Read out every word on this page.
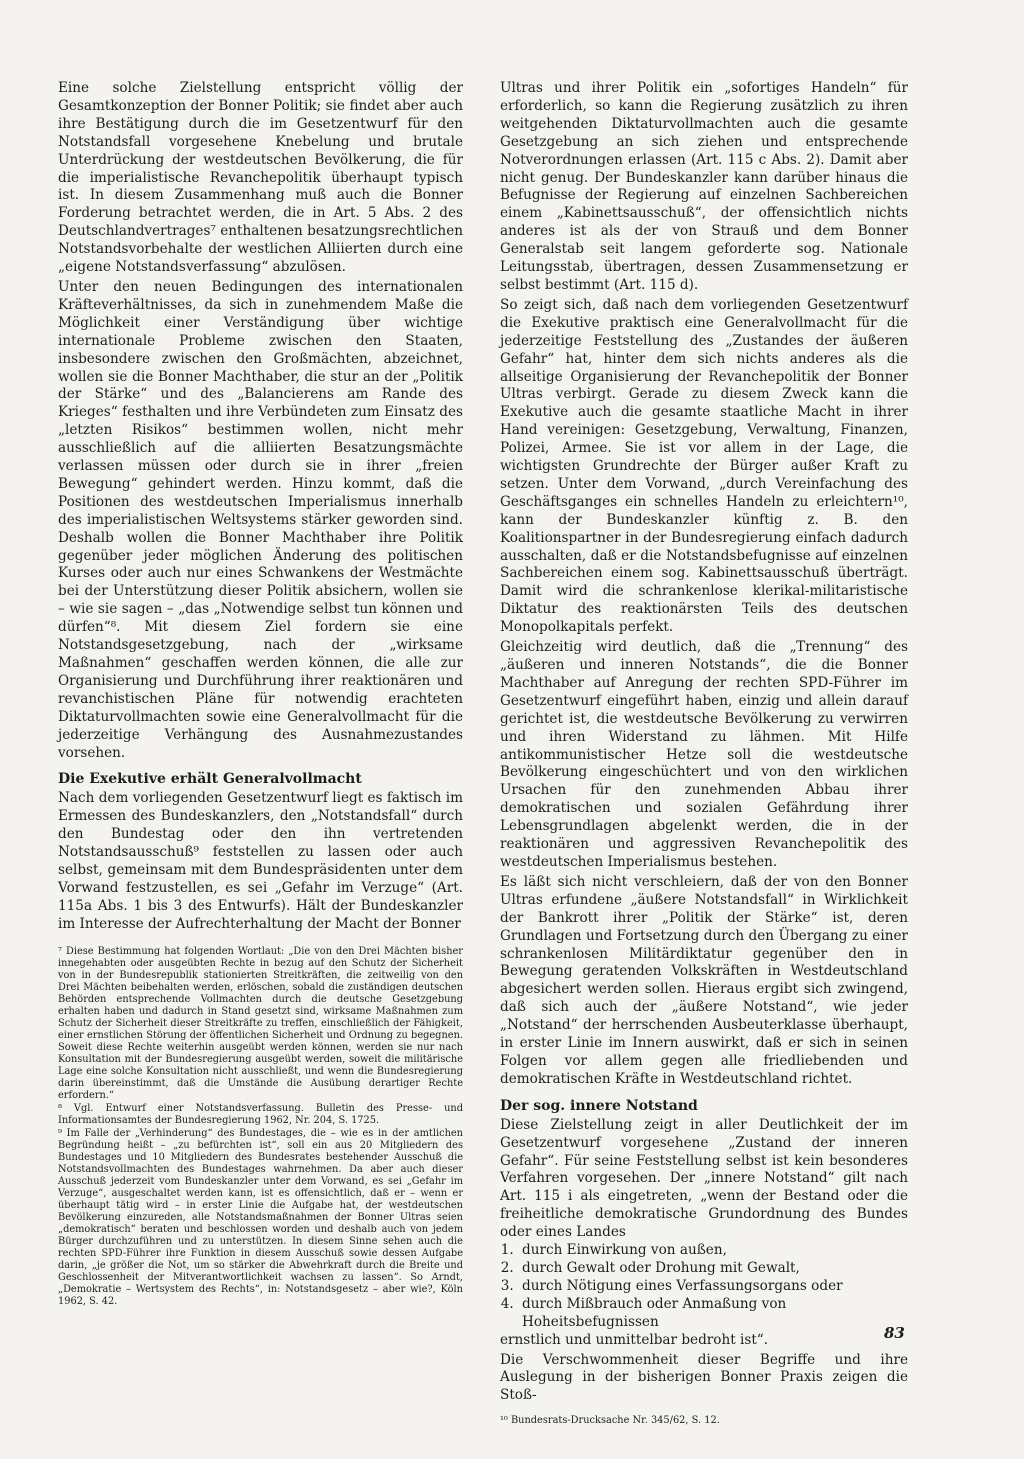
Eine solche Zielstellung entspricht völlig der Gesamtkonzeption der Bonner Politik; sie findet aber auch ihre Bestätigung durch die im Gesetzentwurf für den Notstandsfall vorgesehene Knebelung und brutale Unterdrückung der westdeutschen Bevölkerung, die für die imperialistische Revanchepolitik überhaupt typisch ist. In diesem Zusammenhang muß auch die Bonner Forderung betrachtet werden, die in Art. 5 Abs. 2 des Deutschlandvertrages⁷ enthaltenen besatzungsrechtlichen Notstandsvorbehalte der westlichen Alliierten durch eine „eigene Notstandsverfassung“ abzulösen.

Unter den neuen Bedingungen des internationalen Kräfteverhältnisses, da sich in zunehmendem Maße die Möglichkeit einer Verständigung über wichtige internationale Probleme zwischen den Staaten, insbesondere zwischen den Großmächten, abzeichnet, wollen sie die Bonner Machthaber, die stur an der „Politik der Stärke“ und des „Balancierens am Rande des Krieges“ festhalten und ihre Verbündeten zum Einsatz des „letzten Risikos“ bestimmen wollen, nicht mehr ausschließlich auf die alliierten Besatzungsmächte verlassen müssen oder durch sie in ihrer „freien Bewegung“ gehindert werden. Hinzu kommt, daß die Positionen des westdeutschen Imperialismus innerhalb des imperialistischen Weltsystems stärker geworden sind. Deshalb wollen die Bonner Machthaber ihre Politik gegenüber jeder möglichen Änderung des politischen Kurses oder auch nur eines Schwankens der Westmächte bei der Unterstützung dieser Politik absichern, wollen sie – wie sie sagen – „das „Notwendige selbst tun können und dürfen“⁸. Mit diesem Ziel fordern sie eine Notstandsgesetzgebung, nach der „wirksame Maßnahmen“ geschaffen werden können, die alle zur Organisierung und Durchführung ihrer reaktionären und revanchistischen Pläne für notwendig erachteten Diktaturvollmachten sowie eine Generalvollmacht für die jederzeitige Verhängung des Ausnahmezustandes vorsehen.

Die Exekutive erhält Generalvollmacht

Nach dem vorliegenden Gesetzentwurf liegt es faktisch im Ermessen des Bundeskanzlers, den „Notstandsfall“ durch den Bundestag oder den ihn vertretenden Notstandsausschuß⁹ feststellen zu lassen oder auch selbst, gemeinsam mit dem Bundespräsidenten unter dem Vorwand festzustellen, es sei „Gefahr im Verzuge“ (Art. 115a Abs. 1 bis 3 des Entwurfs). Hält der Bundeskanzler im Interesse der Aufrechterhaltung der Macht der Bonner

⁷ Diese Bestimmung hat folgenden Wortlaut: „Die von den Drei Mächten bisher innegehabten oder ausgeübten Rechte in bezug auf den Schutz der Sicherheit von in der Bundesrepublik stationierten Streitkräften, die zeitweilig von den Drei Mächten beibehalten werden, erlöschen, sobald die zuständigen deutschen Behörden entsprechende Vollmachten durch die deutsche Gesetzgebung erhalten haben und dadurch in Stand gesetzt sind, wirksame Maßnahmen zum Schutz der Sicherheit dieser Streitkräfte zu treffen, einschließlich der Fähigkeit, einer ernstlichen Störung der öffentlichen Sicherheit und Ordnung zu begegnen. Soweit diese Rechte weiterhin ausgeübt werden können, werden sie nur nach Konsultation mit der Bundesregierung ausgeübt werden, soweit die militärische Lage eine solche Konsultation nicht ausschließt, und wenn die Bundesregierung darin übereinstimmt, daß die Umstände die Ausübung derartiger Rechte erfordern.“

⁸ Vgl. Entwurf einer Notstandsverfassung. Bulletin des Presse- und Informationsamtes der Bundesregierung 1962, Nr. 204, S. 1725.

⁹ Im Falle der „Verhinderung“ des Bundestages, die – wie es in der amtlichen Begründung heißt – „zu befürchten ist“, soll ein aus 20 Mitgliedern des Bundestages und 10 Mitgliedern des Bundesrates bestehender Ausschuß die Notstandsvollmachten des Bundestages wahrnehmen. Da aber auch dieser Ausschuß jederzeit vom Bundeskanzler unter dem Vorwand, es sei „Gefahr im Verzuge“, ausgeschaltet werden kann, ist es offensichtlich, daß er – wenn er überhaupt tätig wird – in erster Linie die Aufgabe hat, der westdeutschen Bevölkerung einzureden, alle Notstandsmaßnahmen der Bonner Ultras seien „demokratisch“ beraten und beschlossen worden und deshalb auch von jedem Bürger durchzuführen und zu unterstützen. In diesem Sinne sehen auch die rechten SPD-Führer ihre Funktion in diesem Ausschuß sowie dessen Aufgabe darin, „je größer die Not, um so stärker die Abwehrkraft durch die Breite und Geschlossenheit der Mitverantwortlichkeit wachsen zu lassen“. So Arndt, „Demokratie – Wertsystem des Rechts“, in: Notstandsgesetz – aber wie?, Köln 1962, S. 42.

Ultras und ihrer Politik ein „sofortiges Handeln“ für erforderlich, so kann die Regierung zusätzlich zu ihren weitgehenden Diktaturvollmachten auch die gesamte Gesetzgebung an sich ziehen und entsprechende Notverordnungen erlassen (Art. 115 c Abs. 2). Damit aber nicht genug. Der Bundeskanzler kann darüber hinaus die Befugnisse der Regierung auf einzelnen Sachbereichen einem „Kabinettsausschuß“, der offensichtlich nichts anderes ist als der von Strauß und dem Bonner Generalstab seit langem geforderte sog. Nationale Leitungsstab, übertragen, dessen Zusammensetzung er selbst bestimmt (Art. 115 d).

So zeigt sich, daß nach dem vorliegenden Gesetzentwurf die Exekutive praktisch eine Generalvollmacht für die jederzeitige Feststellung des „Zustandes der äußeren Gefahr“ hat, hinter dem sich nichts anderes als die allseitige Organisierung der Revanchepolitik der Bonner Ultras verbirgt. Gerade zu diesem Zweck kann die Exekutive auch die gesamte staatliche Macht in ihrer Hand vereinigen: Gesetzgebung, Verwaltung, Finanzen, Polizei, Armee. Sie ist vor allem in der Lage, die wichtigsten Grundrechte der Bürger außer Kraft zu setzen. Unter dem Vorwand, „durch Vereinfachung des Geschäftsganges ein schnelles Handeln zu erleichtern¹⁰, kann der Bundeskanzler künftig z. B. den Koalitionspartner in der Bundesregierung einfach dadurch ausschalten, daß er die Notstandsbefugnisse auf einzelnen Sachbereichen einem sog. Kabinettsausschuß überträgt. Damit wird die schrankenlose klerikal-militaristische Diktatur des reaktionärsten Teils des deutschen Monopolkapitals perfekt.

Gleichzeitig wird deutlich, daß die „Trennung“ des „äußeren und inneren Notstands“, die die Bonner Machthaber auf Anregung der rechten SPD-Führer im Gesetzentwurf eingeführt haben, einzig und allein darauf gerichtet ist, die westdeutsche Bevölkerung zu verwirren und ihren Widerstand zu lähmen. Mit Hilfe antikommunistischer Hetze soll die westdeutsche Bevölkerung eingeschüchtert und von den wirklichen Ursachen für den zunehmenden Abbau ihrer demokratischen und sozialen Gefährdung ihrer Lebensgrundlagen abgelenkt werden, die in der reaktionären und aggressiven Revanchepolitik des westdeutschen Imperialismus bestehen.

Es läßt sich nicht verschleiern, daß der von den Bonner Ultras erfundene „äußere Notstandsfall“ in Wirklichkeit der Bankrott ihrer „Politik der Stärke“ ist, deren Grundlagen und Fortsetzung durch den Übergang zu einer schrankenlosen Militärdiktatur gegenüber den in Bewegung geratenden Volkskräften in Westdeutschland abgesichert werden sollen. Hieraus ergibt sich zwingend, daß sich auch der „äußere Notstand“, wie jeder „Notstand“ der herrschenden Ausbeuterklasse überhaupt, in erster Linie im Innern auswirkt, daß er sich in seinen Folgen vor allem gegen alle friedliebenden und demokratischen Kräfte in Westdeutschland richtet.

Der sog. innere Notstand

Diese Zielstellung zeigt in aller Deutlichkeit der im Gesetzentwurf vorgesehene „Zustand der inneren Gefahr“. Für seine Feststellung selbst ist kein besonderes Verfahren vorgesehen. Der „innere Notstand“ gilt nach Art. 115 i als eingetreten, „wenn der Bestand oder die freiheitliche demokratische Grundordnung des Bundes oder eines Landes

1. durch Einwirkung von außen,
2. durch Gewalt oder Drohung mit Gewalt,
3. durch Nötigung eines Verfassungsorgans oder
4. durch Mißbrauch oder Anmaßung von Hoheitsbefugnissen

ernstlich und unmittelbar bedroht ist“.

Die Verschwommenheit dieser Begriffe und ihre Auslegung in der bisherigen Bonner Praxis zeigen die Stoß-

¹⁰ Bundesrats-Drucksache Nr. 345/62, S. 12.

83
